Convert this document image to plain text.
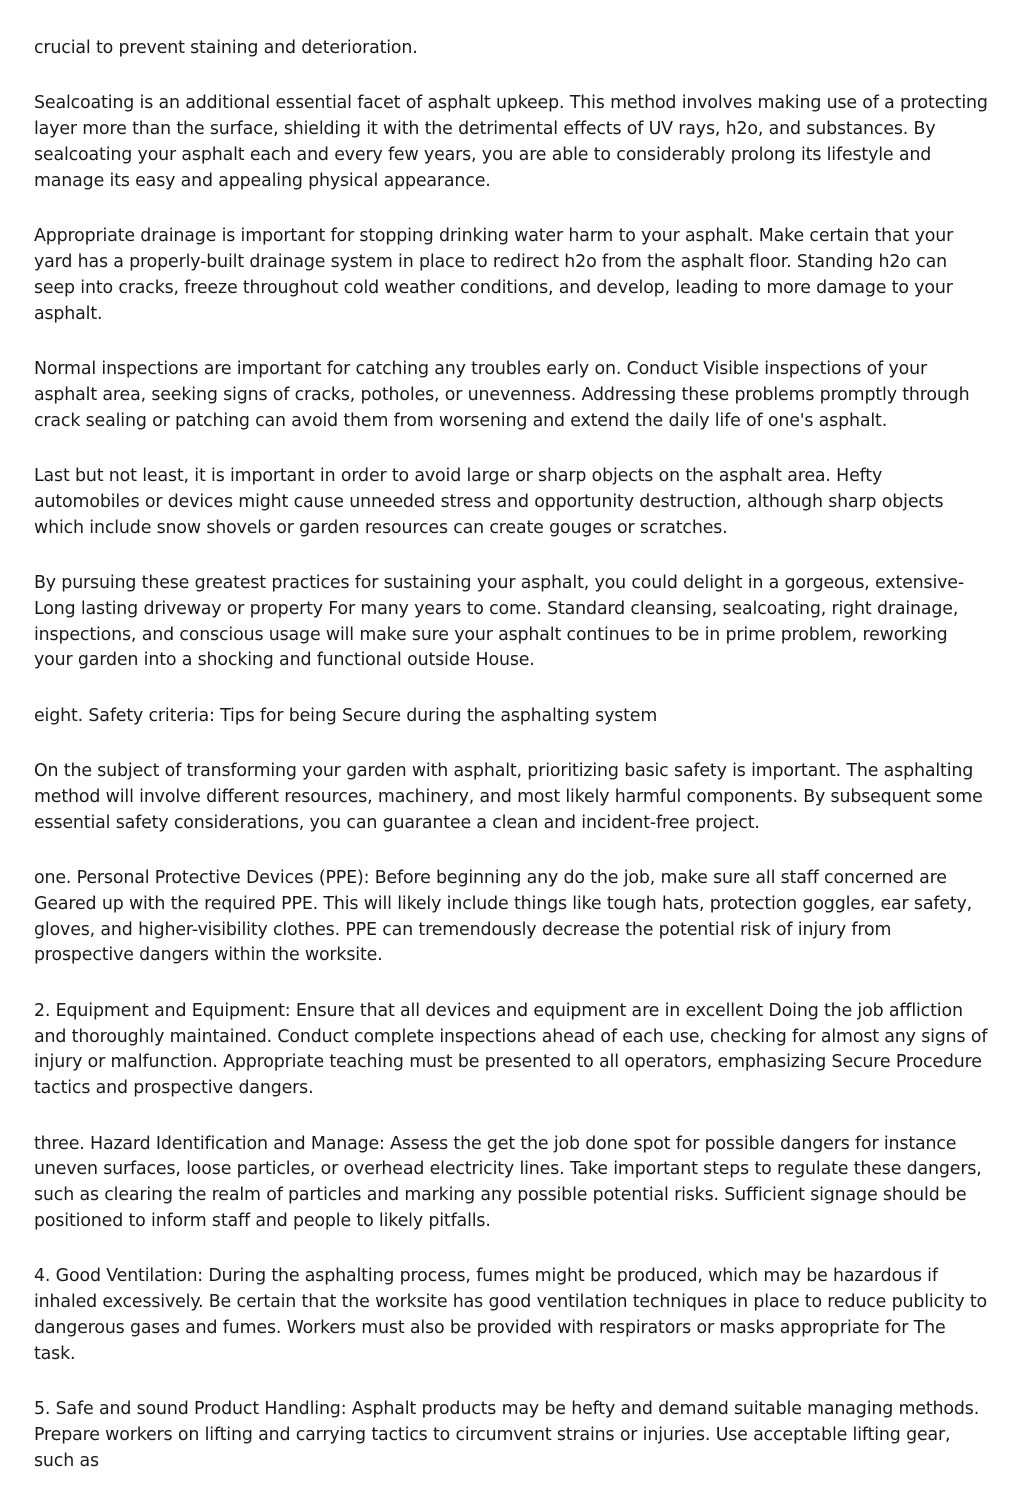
crucial to prevent staining and deterioration.

Sealcoating is an additional essential facet of asphalt upkeep. This method involves making use of a protecting layer more than the surface, shielding it with the detrimental effects of UV rays, h2o, and substances. By sealcoating your asphalt each and every few years, you are able to considerably prolong its lifestyle and manage its easy and appealing physical appearance.

Appropriate drainage is important for stopping drinking water harm to your asphalt. Make certain that your yard has a properly-built drainage system in place to redirect h2o from the asphalt floor. Standing h2o can seep into cracks, freeze throughout cold weather conditions, and develop, leading to more damage to your asphalt.

Normal inspections are important for catching any troubles early on. Conduct Visible inspections of your asphalt area, seeking signs of cracks, potholes, or unevenness. Addressing these problems promptly through crack sealing or patching can avoid them from worsening and extend the daily life of one's asphalt.

Last but not least, it is important in order to avoid large or sharp objects on the asphalt area. Hefty automobiles or devices might cause unneeded stress and opportunity destruction, although sharp objects which include snow shovels or garden resources can create gouges or scratches.

By pursuing these greatest practices for sustaining your asphalt, you could delight in a gorgeous, extensive-Long lasting driveway or property For many years to come. Standard cleansing, sealcoating, right drainage, inspections, and conscious usage will make sure your asphalt continues to be in prime problem, reworking your garden into a shocking and functional outside House.

eight. Safety criteria: Tips for being Secure during the asphalting system

On the subject of transforming your garden with asphalt, prioritizing basic safety is important. The asphalting method will involve different resources, machinery, and most likely harmful components. By subsequent some essential safety considerations, you can guarantee a clean and incident-free project.

one. Personal Protective Devices (PPE): Before beginning any do the job, make sure all staff concerned are Geared up with the required PPE. This will likely include things like tough hats, protection goggles, ear safety, gloves, and higher-visibility clothes. PPE can tremendously decrease the potential risk of injury from prospective dangers within the worksite.

2. Equipment and Equipment: Ensure that all devices and equipment are in excellent Doing the job affliction and thoroughly maintained. Conduct complete inspections ahead of each use, checking for almost any signs of injury or malfunction. Appropriate teaching must be presented to all operators, emphasizing Secure Procedure tactics and prospective dangers.

three. Hazard Identification and Manage: Assess the get the job done spot for possible dangers for instance uneven surfaces, loose particles, or overhead electricity lines. Take important steps to regulate these dangers, such as clearing the realm of particles and marking any possible potential risks. Sufficient signage should be positioned to inform staff and people to likely pitfalls.

4. Good Ventilation: During the asphalting process, fumes might be produced, which may be hazardous if inhaled excessively. Be certain that the worksite has good ventilation techniques in place to reduce publicity to dangerous gases and fumes. Workers must also be provided with respirators or masks appropriate for The task.

5. Safe and sound Product Handling: Asphalt products may be hefty and demand suitable managing methods. Prepare workers on lifting and carrying tactics to circumvent strains or injuries. Use acceptable lifting gear, such as
